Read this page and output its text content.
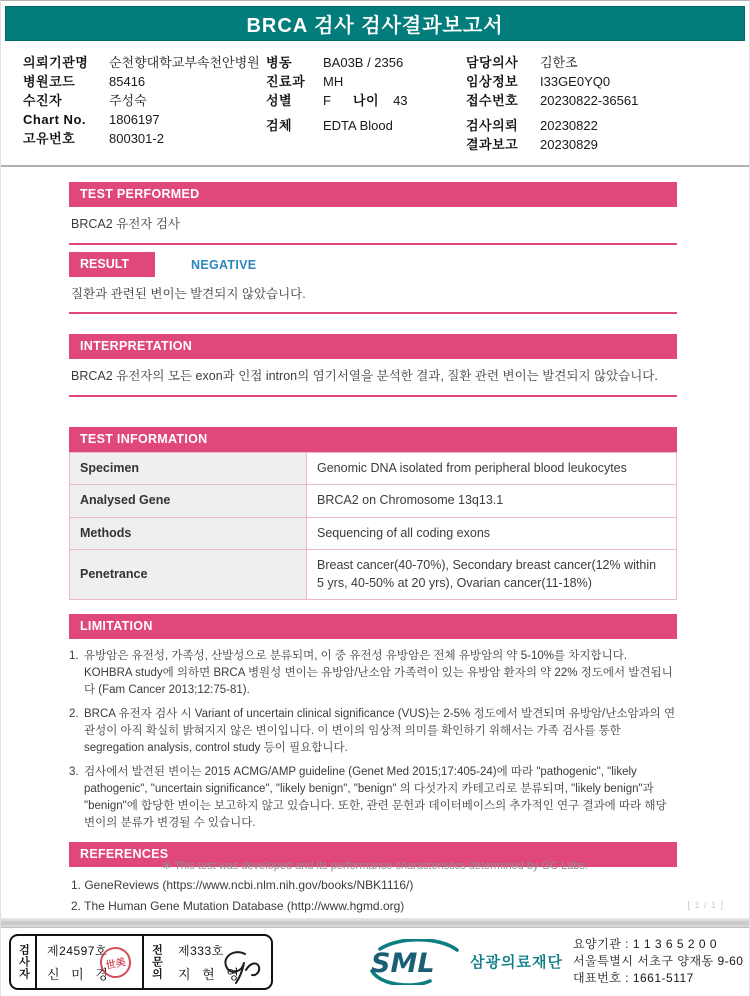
BRCA 검사 검사결과보고서
의뢰기관명	순천향대학교부속천안병원
병원코드	85416
수진자	주성숙
Chart No.	1806197
고유번호	800301-2
병동	BA03B / 2356
진료과	MH
성별	F 나이 43
검체	EDTA Blood
담당의사	김한조
임상정보	I33GE0YQ0
접수번호	20230822-36561
검사의뢰	20230822
결과보고	20230829
TEST PERFORMED
BRCA2 유전자 검사
RESULT	NEGATIVE
질환과 관련된 변이는 발견되지 않았습니다.
INTERPRETATION
BRCA2 유전자의 모든 exon과 인접 intron의 염기서열을 분석한 결과, 질환 관련 변이는 발견되지 않았습니다.
TEST INFORMATION
Specimen	Genomic DNA isolated from peripheral blood leukocytes
Analysed Gene	BRCA2 on Chromosome 13q13.1
Methods	Sequencing of all coding exons
Penetrance	Breast cancer(40-70%), Secondary breast cancer(12% within 5 yrs, 40-50% at 20 yrs), Ovarian cancer(11-18%)
LIMITATION
1. 유방암은 유전성, 가족성, 산발성으로 분류되며, 이 중 유전성 유방암은 전체 유방암의 약 5-10%를 차지합니다. KOHBRA study에 의하면 BRCA 병원성 변이는 유방암/난소암 가족력이 있는 유방암 환자의 약 22% 정도에서 발견됩니다 (Fam Cancer 2013;12:75-81).
2. BRCA 유전자 검사 시 Variant of uncertain clinical significance (VUS)는 2-5% 정도에서 발견되며 유방암/난소암과의 연관성이 아직 확실히 밝혀지지 않은 변이입니다. 이 변이의 임상적 의미를 확인하기 위해서는 가족 검사를 통한 segregation analysis, control study 등이 필요합니다.
3. 검사에서 발견된 변이는 2015 ACMG/AMP guideline (Genet Med 2015;17:405-24)에 따라 "pathogenic", "likely pathogenic", "uncertain significance", "likely benign", "benign" 의 다섯가지 카테고리로 분류되며, "likely benign"과 "benign"에 합당한 변이는 보고하지 않고 있습니다. 또한, 관련 문헌과 데이터베이스의 추가적인 연구 결과에 따라 해당 변이의 분류가 변경될 수 있습니다.
REFERENCES
1. GeneReviews (https://www.ncbi.nlm.nih.gov/books/NBK1116/)
2. The Human Gene Mutation Database (http://www.hgmd.org)
※ This test was developed and its performance characteristics determined by GC Labs.
[ 1 / 1 ]
검사자	제24597호
신 미 경
世美	전문의	제333호
지 현 영	SML 삼광의료재단
요양기관 : 1 1 3 6 5 2 0 0
서울특별시 서초구 양재동 9-60
대표번호 : 1661-5117
